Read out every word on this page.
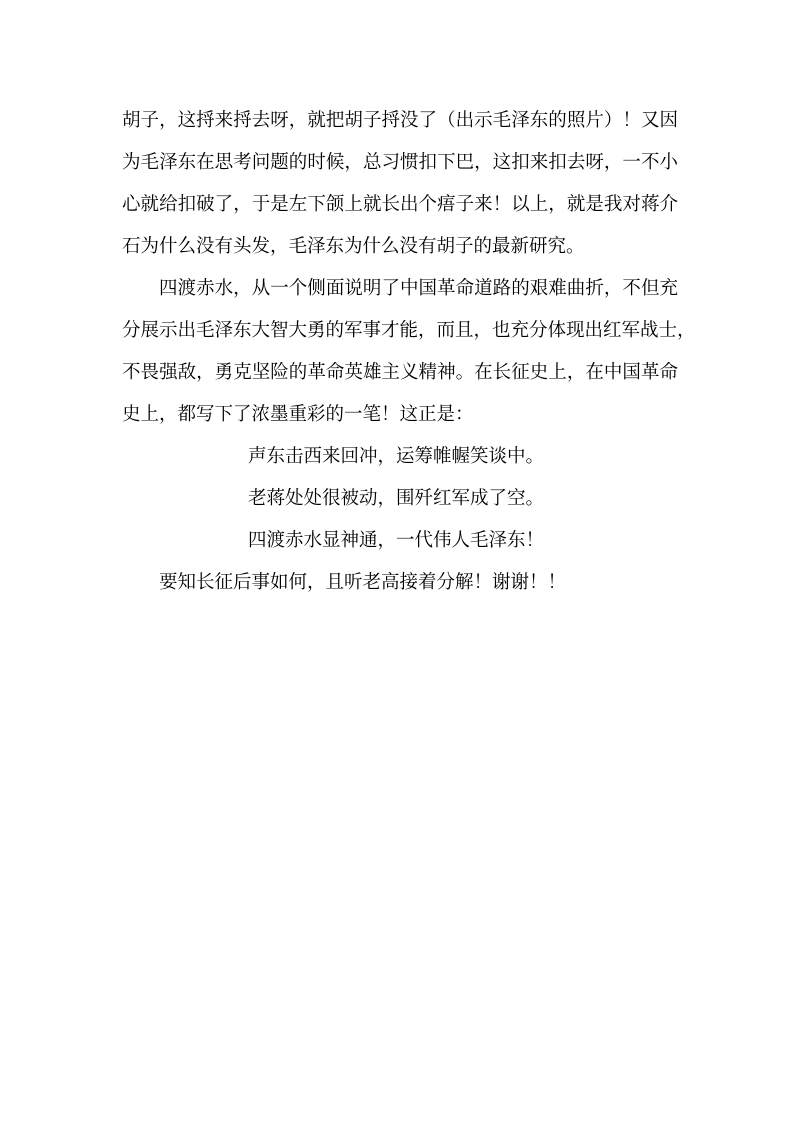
胡子，这捋来捋去呀，就把胡子捋没了（出示毛泽东的照片）！又因
为毛泽东在思考问题的时候，总习惯扣下巴，这扣来扣去呀，一不小
心就给扣破了，于是左下颌上就长出个痦子来！以上，就是我对蒋介
石为什么没有头发，毛泽东为什么没有胡子的最新研究。
四渡赤水，从一个侧面说明了中国革命道路的艰难曲折，不但充
分展示出毛泽东大智大勇的军事才能，而且，也充分体现出红军战士，
不畏强敌，勇克坚险的革命英雄主义精神。在长征史上，在中国革命
史上，都写下了浓墨重彩的一笔！这正是：
声东击西来回冲，运筹帷幄笑谈中。
老蒋处处很被动，围歼红军成了空。
四渡赤水显神通，一代伟人毛泽东！
要知长征后事如何，且听老高接着分解！谢谢！！
